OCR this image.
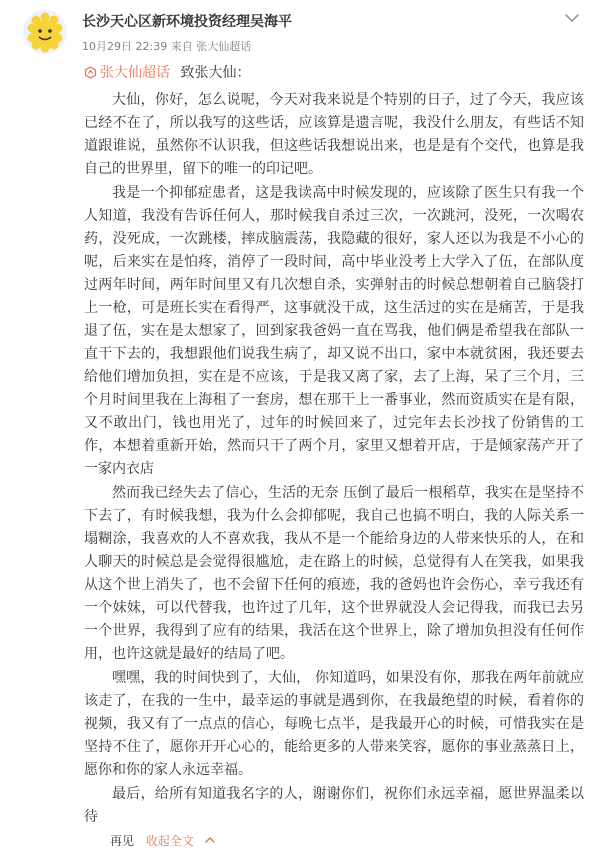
长沙天心区新环境投资经理吴海平
10月29日 22:39 来自 张大仙超话
张大仙超话 致张大仙：

大仙，你好，怎么说呢，今天对我来说是个特别的日子，过了今天，我应该已经不在了，所以我写的这些话，应该算是遗言呢，我没什么朋友，有些话不知道跟谁说，虽然你不认识我，但这些话我想说出来，也是是有个交代，也算是我自己的世界里，留下的唯一的印记吧。

我是一个抑郁症患者，这是我读高中时候发现的，应该除了医生只有我一个人知道，我没有告诉任何人，那时候我自杀过三次，一次跳河，没死，一次喝农药，没死成，一次跳楼，摔成脑震荡，我隐藏的很好，家人还以为我是不小心的呢，后来实在是怕疼，消停了一段时间，高中毕业没考上大学入了伍，在部队度过两年时间，两年时间里又有几次想自杀，实弹射击的时候总想朝着自己脑袋打上一枪，可是班长实在看得严，这事就没干成，这生活过的实在是痛苦，于是我退了伍，实在是太想家了，回到家我爸妈一直在骂我，他们俩是希望我在部队一直干下去的，我想跟他们说我生病了，却又说不出口，家中本就贫困，我还要去给他们增加负担，实在是不应该，于是我又离了家，去了上海，呆了三个月，三个月时间里我在上海租了一套房，想在那干上一番事业，然而资质实在是有限，又不敢出门，钱也用光了，过年的时候回来了，过完年去长沙找了份销售的工作，本想着重新开始，然而只干了两个月，家里又想着开店，于是倾家荡产开了一家内衣店

然而我已经失去了信心，生活的无奈 压倒了最后一根稻草，我实在是坚持不下去了，有时候我想，我为什么会抑郁呢，我自己也搞不明白，我的人际关系一塌糊涂，我喜欢的人不喜欢我，我从不是一个能给身边的人带来快乐的人，在和人聊天的时候总是会觉得很尴尬，走在路上的时候，总觉得有人在笑我，如果我从这个世上消失了，也不会留下任何的痕迹，我的爸妈也许会伤心，幸亏我还有一个妹妹，可以代替我，也许过了几年，这个世界就没人会记得我，而我已去另一个世界，我得到了应有的结果，我活在这个世界上，除了增加负担没有任何作用，也许这就是最好的结局了吧。

嘿嘿，我的时间快到了，大仙， 你知道吗，如果没有你，那我在两年前就应该走了，在我的一生中，最幸运的事就是遇到你，在我最绝望的时候，看着你的视频，我又有了一点点的信心，每晚七点半，是我最开心的时候，可惜我实在是坚持不住了，愿你开开心心的，能给更多的人带来笑容，愿你的事业蒸蒸日上，愿你和你的家人永远幸福。

最后，给所有知道我名字的人，谢谢你们，祝你们永远幸福，愿世界温柔以待

再见 收起全文
